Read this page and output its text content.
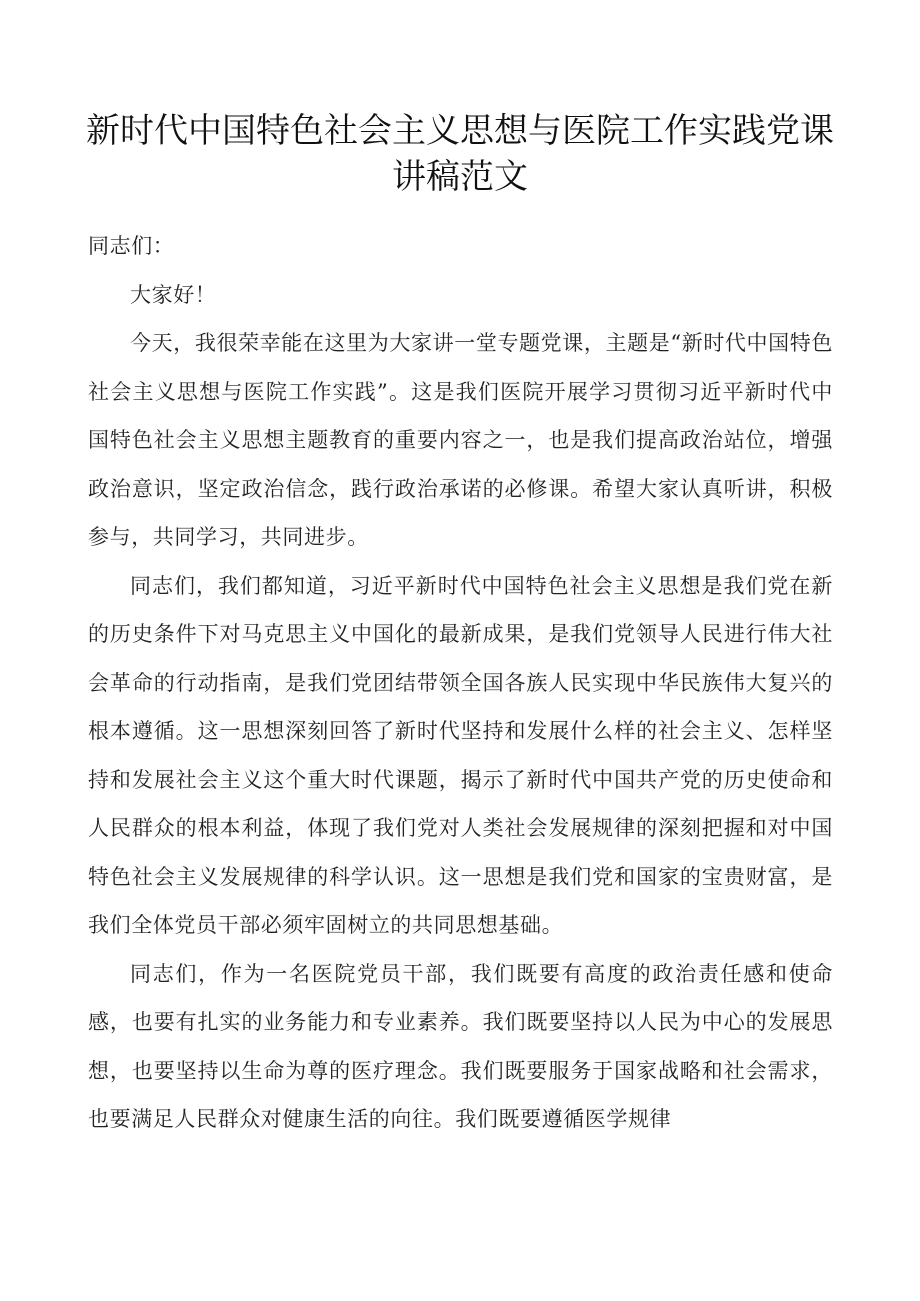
新时代中国特色社会主义思想与医院工作实践党课讲稿范文

同志们：

大家好！

今天，我很荣幸能在这里为大家讲一堂专题党课，主题是“新时代中国特色社会主义思想与医院工作实践”。这是我们医院开展学习贯彻习近平新时代中国特色社会主义思想主题教育的重要内容之一，也是我们提高政治站位，增强政治意识，坚定政治信念，践行政治承诺的必修课。希望大家认真听讲，积极参与，共同学习，共同进步。

同志们，我们都知道，习近平新时代中国特色社会主义思想是我们党在新的历史条件下对马克思主义中国化的最新成果，是我们党领导人民进行伟大社会革命的行动指南，是我们党团结带领全国各族人民实现中华民族伟大复兴的根本遵循。这一思想深刻回答了新时代坚持和发展什么样的社会主义、怎样坚持和发展社会主义这个重大时代课题，揭示了新时代中国共产党的历史使命和人民群众的根本利益，体现了我们党对人类社会发展规律的深刻把握和对中国特色社会主义发展规律的科学认识。这一思想是我们党和国家的宝贵财富，是我们全体党员干部必须牢固树立的共同思想基础。

同志们，作为一名医院党员干部，我们既要有高度的政治责任感和使命感，也要有扎实的业务能力和专业素养。我们既要坚持以人民为中心的发展思想，也要坚持以生命为尊的医疗理念。我们既要服务于国家战略和社会需求，也要满足人民群众对健康生活的向往。我们既要遵循医学规律
